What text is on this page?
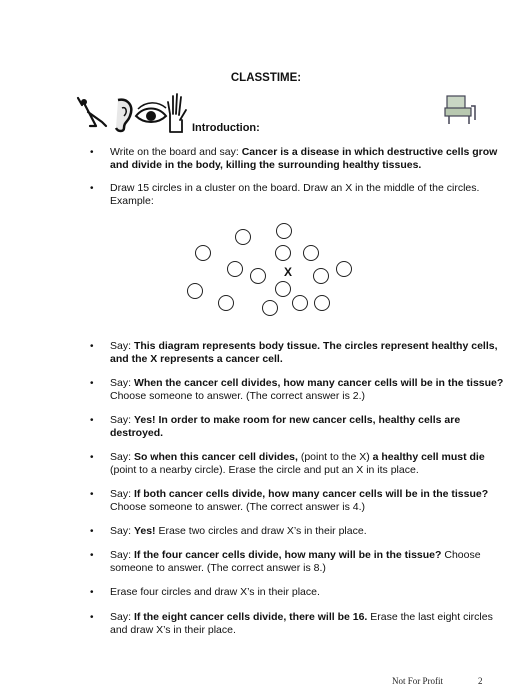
CLASSTIME:
Introduction:
• Write on the board and say: Cancer is a disease in which destructive cells grow and divide in the body, killing the surrounding healthy tissues.
• Draw 15 circles in a cluster on the board. Draw an X in the middle of the circles. Example:
X
• Say: This diagram represents body tissue. The circles represent healthy cells, and the X represents a cancer cell.
• Say: When the cancer cell divides, how many cancer cells will be in the tissue? Choose someone to answer. (The correct answer is 2.)
• Say: Yes! In order to make room for new cancer cells, healthy cells are destroyed.
• Say: So when this cancer cell divides, (point to the X) a healthy cell must die (point to a nearby circle). Erase the circle and put an X in its place.
• Say: If both cancer cells divide, how many cancer cells will be in the tissue? Choose someone to answer. (The correct answer is 4.)
• Say: Yes! Erase two circles and draw X’s in their place.
• Say: If the four cancer cells divide, how many will be in the tissue? Choose someone to answer. (The correct answer is 8.)
• Erase four circles and draw X’s in their place.
• Say: If the eight cancer cells divide, there will be 16. Erase the last eight circles and draw X’s in their place.
Not For Profit	2
